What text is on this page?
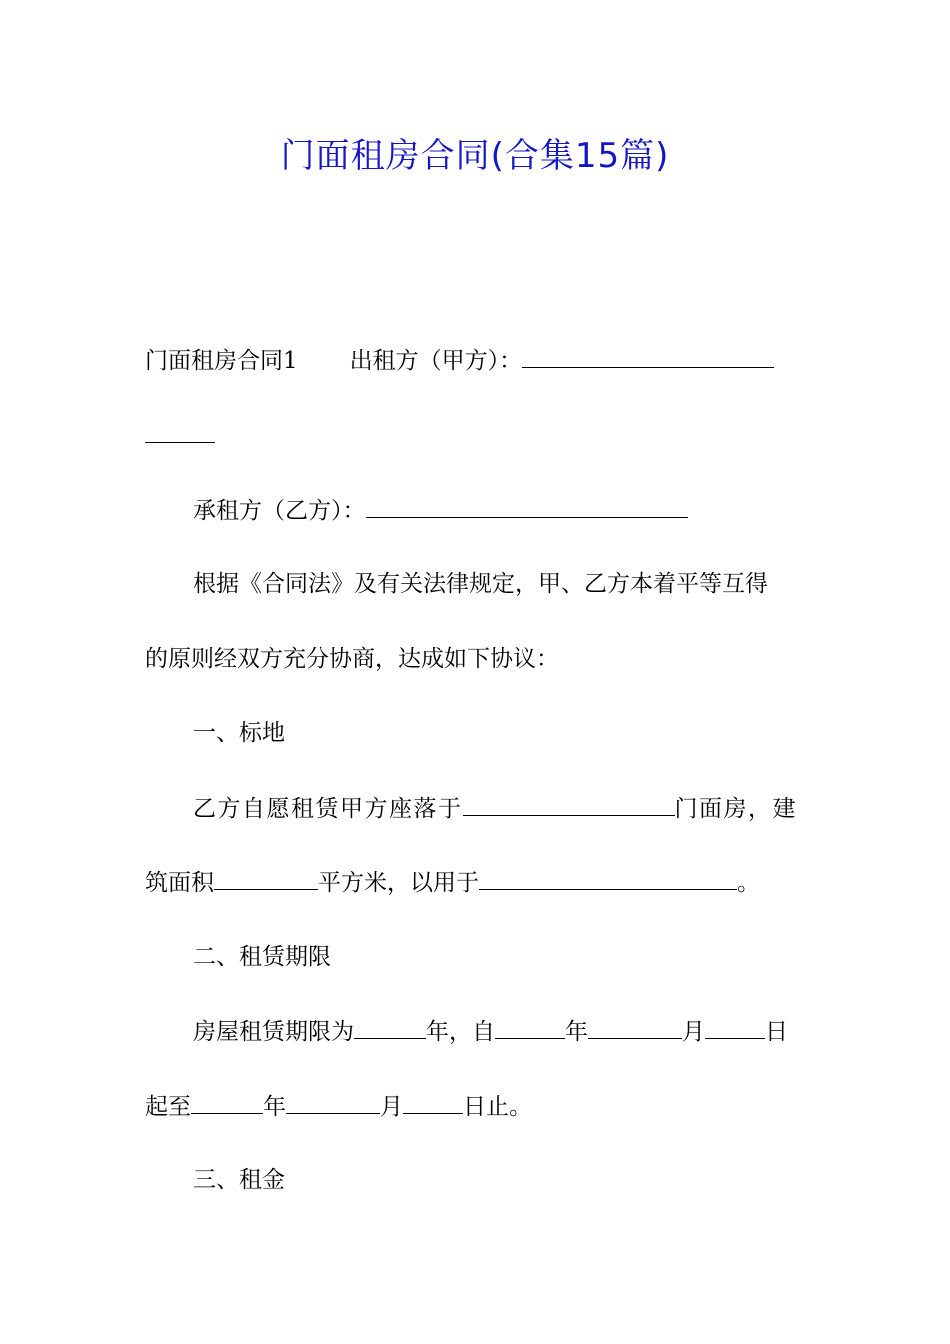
门面租房合同(合集15篇)
门面租房合同1 出租方（甲方）：
承租方（乙方）：
根据《合同法》及有关法律规定，甲、乙方本着平等互得
的原则经双方充分协商，达成如下协议：
一、标地
乙方自愿租赁甲方座落于	门面房，建
筑面积	平方米，以用于	。
二、租赁期限
房屋租赁期限为	年，自	年	月	日
起至	年	月	日止。
三、租金
